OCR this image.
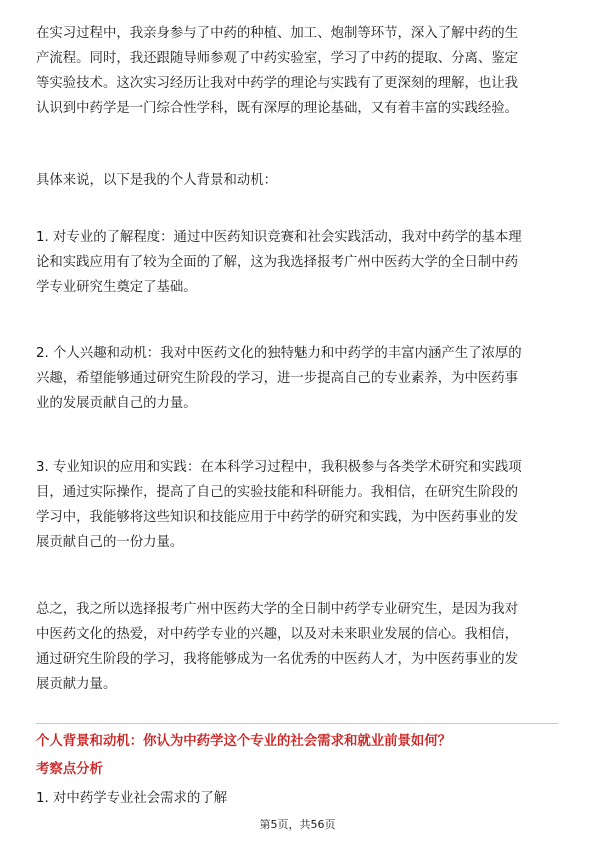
在实习过程中，我亲身参与了中药的种植、加工、炮制等环节，深入了解中药的生
产流程。同时，我还跟随导师参观了中药实验室，学习了中药的提取、分离、鉴定
等实验技术。这次实习经历让我对中药学的理论与实践有了更深刻的理解，也让我
认识到中药学是一门综合性学科，既有深厚的理论基础，又有着丰富的实践经验。

具体来说，以下是我的个人背景和动机：

1. 对专业的了解程度：通过中医药知识竞赛和社会实践活动，我对中药学的基本理
论和实践应用有了较为全面的了解，这为我选择报考广州中医药大学的全日制中药
学专业研究生奠定了基础。

2. 个人兴趣和动机：我对中医药文化的独特魅力和中药学的丰富内涵产生了浓厚的
兴趣，希望能够通过研究生阶段的学习，进一步提高自己的专业素养，为中医药事
业的发展贡献自己的力量。

3. 专业知识的应用和实践：在本科学习过程中，我积极参与各类学术研究和实践项
目，通过实际操作，提高了自己的实验技能和科研能力。我相信，在研究生阶段的
学习中，我能够将这些知识和技能应用于中药学的研究和实践，为中医药事业的发
展贡献自己的一份力量。

总之，我之所以选择报考广州中医药大学的全日制中药学专业研究生，是因为我对
中医药文化的热爱，对中药学专业的兴趣，以及对未来职业发展的信心。我相信，
通过研究生阶段的学习，我将能够成为一名优秀的中医药人才，为中医药事业的发
展贡献力量。

个人背景和动机：你认为中药学这个专业的社会需求和就业前景如何？
考察点分析
1. 对中药学专业社会需求的了解
第5页，共56页
